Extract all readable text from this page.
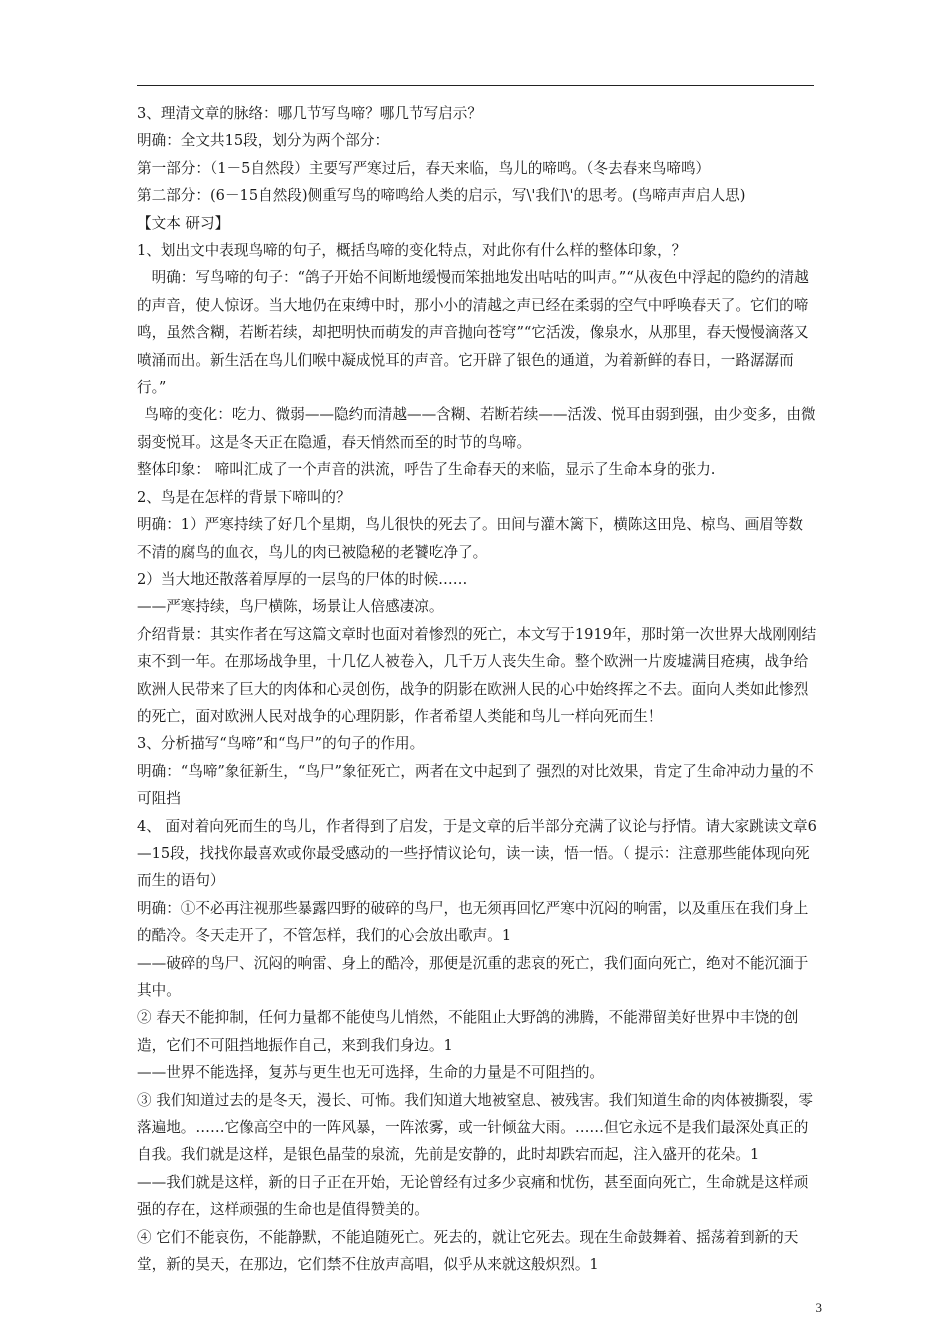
3、理清文章的脉络：哪几节写鸟啼？哪几节写启示？

明确：全文共15段，划分为两个部分：

第一部分：（1－5自然段）主要写严寒过后，春天来临，鸟儿的啼鸣。（冬去春来鸟啼鸣）

第二部分：(6－15自然段)侧重写鸟的啼鸣给人类的启示，写\'我们\'的思考。(鸟啼声声启人思)

【文本 研习】

1、划出文中表现鸟啼的句子，概括鸟啼的变化特点，对此你有什么样的整体印象，？

明确：写鸟啼的句子：“鸽子开始不间断地缓慢而笨拙地发出咕咕的叫声。”“从夜色中浮起的隐约的清越的声音，使人惊讶。当大地仍在束缚中时，那小小的清越之声已经在柔弱的空气中呼唤春天了。它们的啼鸣，虽然含糊，若断若续，却把明快而萌发的声音抛向苍穹”“它活泼，像泉水，从那里，春天慢慢滴落又喷涌而出。新生活在鸟儿们喉中凝成悦耳的声音。它开辟了银色的通道，为着新鲜的春日，一路潺潺而行。”

鸟啼的变化：吃力、微弱——隐约而清越——含糊、若断若续——活泼、悦耳由弱到强，由少变多，由微弱变悦耳。这是冬天正在隐遁，春天悄然而至的时节的鸟啼。

整体印象： 啼叫汇成了一个声音的洪流，呼告了生命春天的来临，显示了生命本身的张力.

2、鸟是在怎样的背景下啼叫的？

明确：1）严寒持续了好几个星期，鸟儿很快的死去了。田间与灌木篱下，横陈这田凫、椋鸟、画眉等数不清的腐鸟的血衣，鸟儿的肉已被隐秘的老饕吃净了。

2）当大地还散落着厚厚的一层鸟的尸体的时候……

——严寒持续，鸟尸横陈，场景让人倍感凄凉。

介绍背景：其实作者在写这篇文章时也面对着惨烈的死亡，本文写于1919年，那时第一次世界大战刚刚结束不到一年。在那场战争里，十几亿人被卷入，几千万人丧失生命。整个欧洲一片废墟满目疮痍，战争给欧洲人民带来了巨大的肉体和心灵创伤，战争的阴影在欧洲人民的心中始终挥之不去。面向人类如此惨烈的死亡，面对欧洲人民对战争的心理阴影，作者希望人类能和鸟儿一样向死而生！

3、分析描写“鸟啼”和“鸟尸”的句子的作用。

明确：“鸟啼”象征新生，“鸟尸”象征死亡，两者在文中起到了 强烈的对比效果，肯定了生命冲动力量的不可阻挡

4、 面对着向死而生的鸟儿，作者得到了启发，于是文章的后半部分充满了议论与抒情。请大家跳读文章6—15段，找找你最喜欢或你最受感动的一些抒情议论句，读一读，悟一悟。（ 提示：注意那些能体现向死而生的语句）

明确：①不必再注视那些暴露四野的破碎的鸟尸，也无须再回忆严寒中沉闷的响雷，以及重压在我们身上的酷冷。冬天走开了，不管怎样，我们的心会放出歌声。1

——破碎的鸟尸、沉闷的响雷、身上的酷冷，那便是沉重的悲哀的死亡，我们面向死亡，绝对不能沉湎于其中。

② 春天不能抑制，任何力量都不能使鸟儿悄然，不能阻止大野鸽的沸腾，不能滞留美好世界中丰饶的创造，它们不可阻挡地振作自己，来到我们身边。1

——世界不能选择，复苏与更生也无可选择，生命的力量是不可阻挡的。

③ 我们知道过去的是冬天，漫长、可怖。我们知道大地被窒息、被残害。我们知道生命的肉体被撕裂，零落遍地。……它像高空中的一阵风暴，一阵浓雾，或一针倾盆大雨。……但它永远不是我们最深处真正的自我。我们就是这样，是银色晶莹的泉流，先前是安静的，此时却跌宕而起，注入盛开的花朵。1

——我们就是这样，新的日子正在开始，无论曾经有过多少哀痛和忧伤，甚至面向死亡，生命就是这样顽强的存在，这样顽强的生命也是值得赞美的。

④ 它们不能哀伤，不能静默，不能追随死亡。死去的，就让它死去。现在生命鼓舞着、摇荡着到新的天堂，新的昊天，在那边，它们禁不住放声高唱，似乎从来就这般炽烈。1

3
